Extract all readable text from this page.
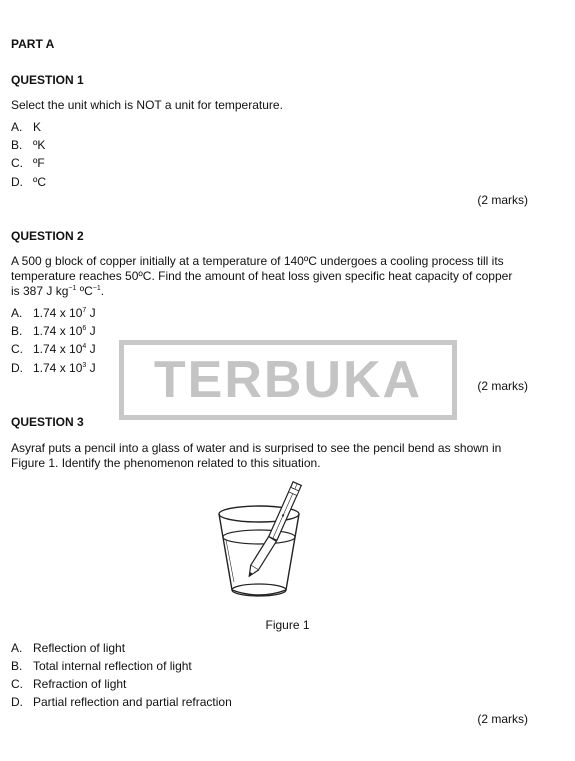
PART A
QUESTION 1
Select the unit which is NOT a unit for temperature.
A. K
B. ºK
C. ºF
D. ºC
(2 marks)
QUESTION 2
A 500 g block of copper initially at a temperature of 140ºC undergoes a cooling process till its
temperature reaches 50ºC. Find the amount of heat loss given specific heat capacity of copper
is 387 J $kg^{-1}$ ºC$^{-1}$.
A. 1.74 x $10^7$ J
B. 1.74 x $10^6$ J
C. 1.74 x $10^4$ J
D. 1.74 x $10^3$ J
(2 marks)
TERBUKA
QUESTION 3
Asyraf puts a pencil into a glass of water and is surprised to see the pencil bend as shown in
Figure 1. Identify the phenomenon related to this situation.
∎
Figure 1
A. Reflection of light
B. Total internal reflection of light
C. Refraction of light
D. Partial reflection and partial refraction
(2 marks)
